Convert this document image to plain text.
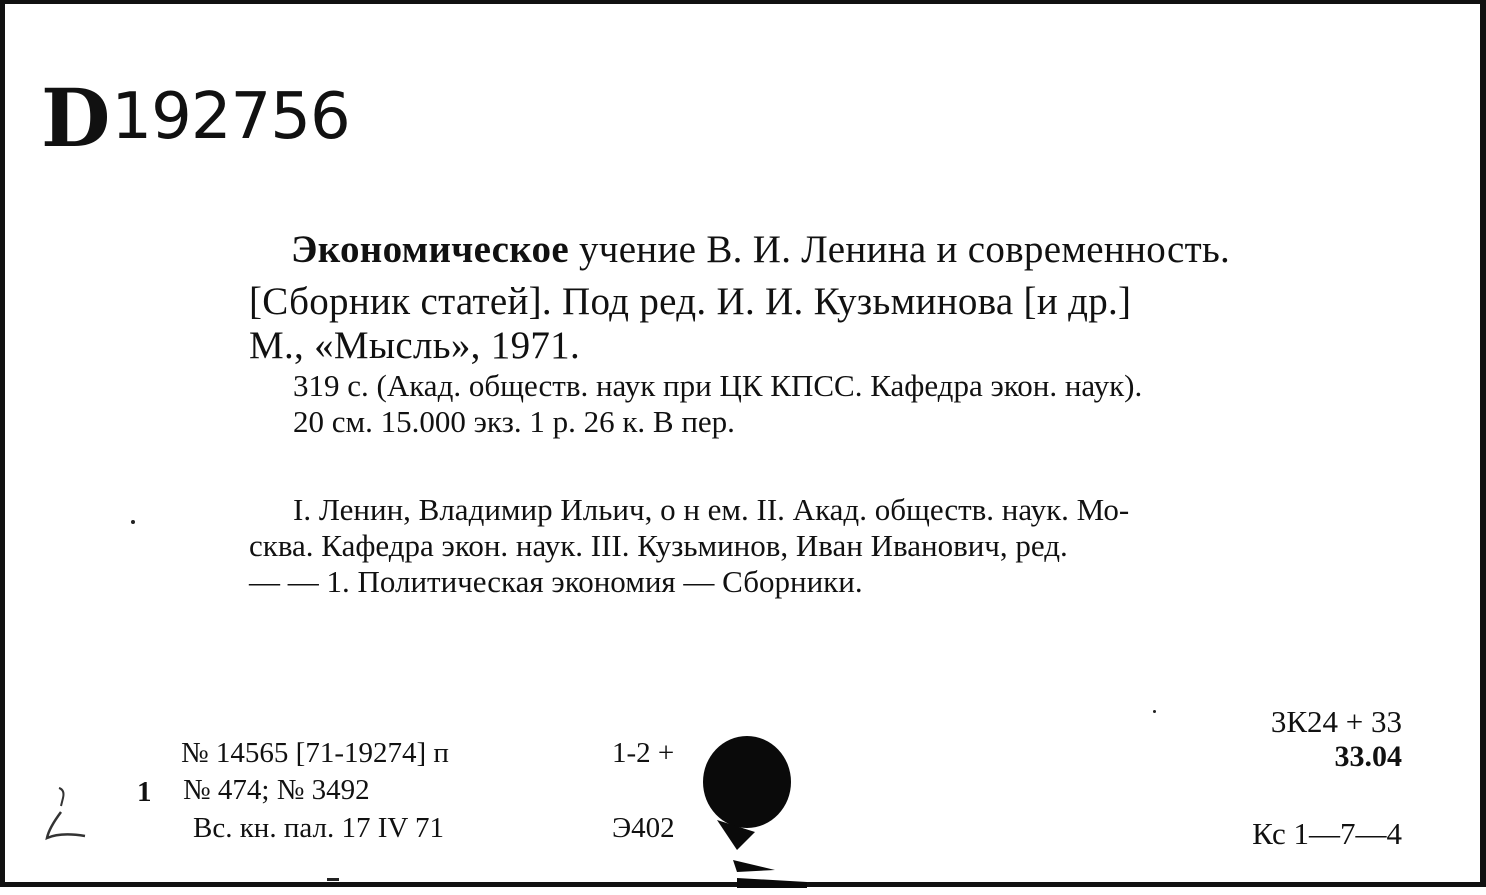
D192756
Экономическое учение В. И. Ленина и современность.
[Сборник статей]. Под ред. И. И. Кузьминова [и др.]
М., «Мысль», 1971.
319 с. (Акад. обществ. наук при ЦК КПСС. Кафедра экон. наук).
20 см. 15.000 экз. 1 р. 26 к. В пер.
I. Ленин, Владимир Ильич, о н ем. II. Акад. обществ. наук. Мо-
сква. Кафедра экон. наук. III. Кузьминов, Иван Иванович, ред.
— — 1. Политическая экономия — Сборники.
3К24 + 33
33.04
Кс 1—7—4
№ 14565 [71-19274] п
1 № 474; № 3492
Вс. кн. пал. 17 IV 71
1-2 +
Э402
